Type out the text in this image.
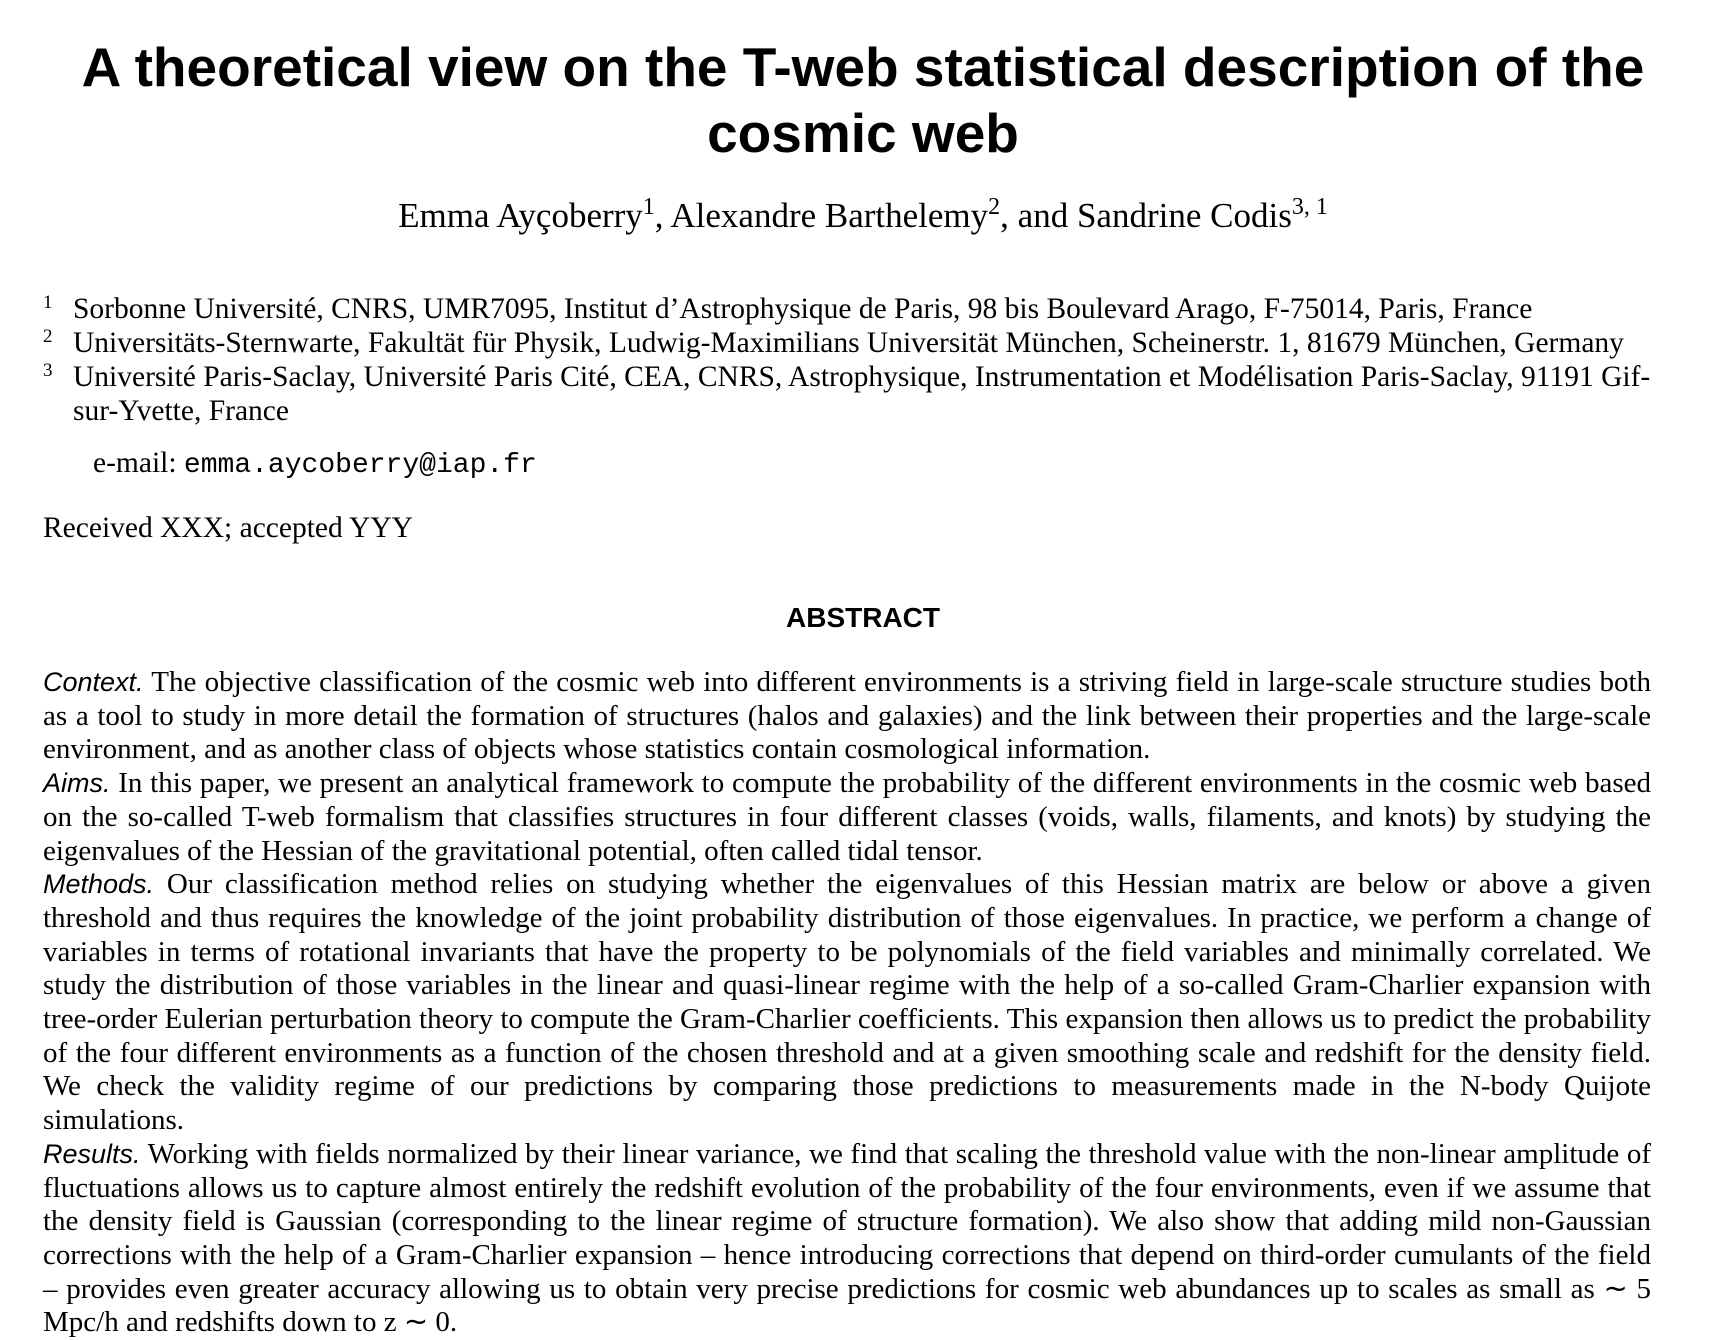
A theoretical view on the T-web statistical description of the cosmic web
Emma Ayçoberry$^1$, Alexandre Barthelemy$^2$, and Sandrine Codis$^{3, 1}$
1 Sorbonne Université, CNRS, UMR7095, Institut d’Astrophysique de Paris, 98 bis Boulevard Arago, F-75014, Paris, France
2 Universitäts-Sternwarte, Fakultät für Physik, Ludwig-Maximilians Universität München, Scheinerstr. 1, 81679 München, Germany
3 Université Paris-Saclay, Université Paris Cité, CEA, CNRS, Astrophysique, Instrumentation et Modélisation Paris-Saclay, 91191 Gif-sur-Yvette, France
e-mail: emma.aycoberry@iap.fr
Received XXX; accepted YYY
ABSTRACT

Context. The objective classification of the cosmic web into different environments is a striving field in large-scale structure studies both as a tool to study in more detail the formation of structures (halos and galaxies) and the link between their properties and the large-scale environment, and as another class of objects whose statistics contain cosmological information.

Aims. In this paper, we present an analytical framework to compute the probability of the different environments in the cosmic web based on the so-called T-web formalism that classifies structures in four different classes (voids, walls, filaments, and knots) by studying the eigenvalues of the Hessian of the gravitational potential, often called tidal tensor.

Methods. Our classification method relies on studying whether the eigenvalues of this Hessian matrix are below or above a given threshold and thus requires the knowledge of the joint probability distribution of those eigenvalues. In practice, we perform a change of variables in terms of rotational invariants that have the property to be polynomials of the field variables and minimally correlated. We study the distribution of those variables in the linear and quasi-linear regime with the help of a so-called Gram-Charlier expansion with tree-order Eulerian perturbation theory to compute the Gram-Charlier coefficients. This expansion then allows us to predict the probability of the four different environments as a function of the chosen threshold and at a given smoothing scale and redshift for the density field. We check the validity regime of our predictions by comparing those predictions to measurements made in the N-body Quijote simulations.

Results. Working with fields normalized by their linear variance, we find that scaling the threshold value with the non-linear amplitude of fluctuations allows us to capture almost entirely the redshift evolution of the probability of the four environments, even if we assume that the density field is Gaussian (corresponding to the linear regime of structure formation). We also show that adding mild non-Gaussian corrections with the help of a Gram-Charlier expansion – hence introducing corrections that depend on third-order cumulants of the field – provides even greater accuracy allowing us to obtain very precise predictions for cosmic web abundances up to scales as small as ∼ 5 Mpc/h and redshifts down to z ∼ 0.
